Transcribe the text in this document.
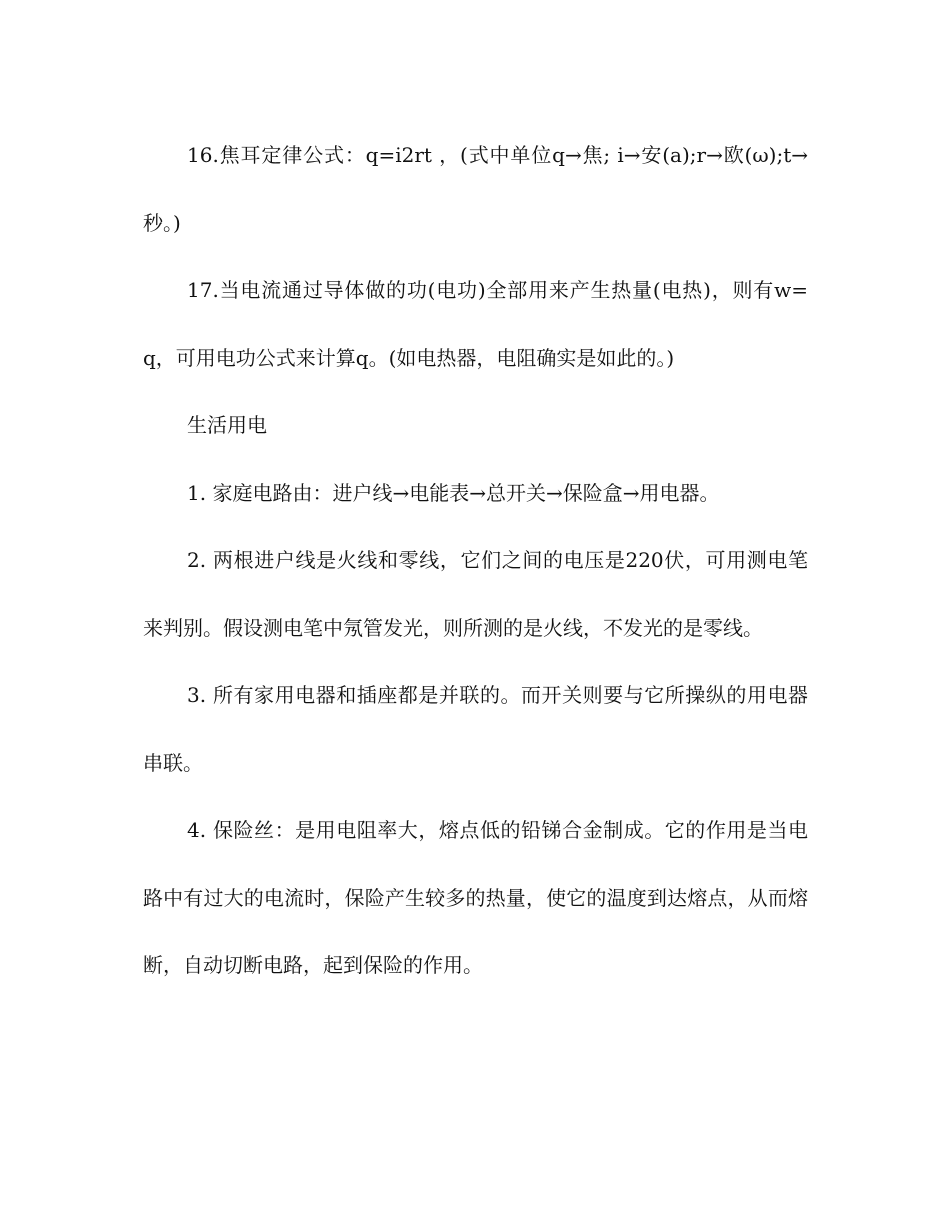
16.焦耳定律公式：q=i2rt ，(式中单位q→焦; i→安(a);r→欧(ω);t→秒。)

17.当电流通过导体做的功(电功)全部用来产生热量(电热)，则有w=q，可用电功公式来计算q。(如电热器，电阻确实是如此的。)

生活用电

1. 家庭电路由：进户线→电能表→总开关→保险盒→用电器。

2. 两根进户线是火线和零线，它们之间的电压是220伏，可用测电笔来判别。假设测电笔中氖管发光，则所测的是火线，不发光的是零线。

3. 所有家用电器和插座都是并联的。而开关则要与它所操纵的用电器串联。

4. 保险丝：是用电阻率大，熔点低的铅锑合金制成。它的作用是当电路中有过大的电流时，保险产生较多的热量，使它的温度到达熔点，从而熔断，自动切断电路，起到保险的作用。
